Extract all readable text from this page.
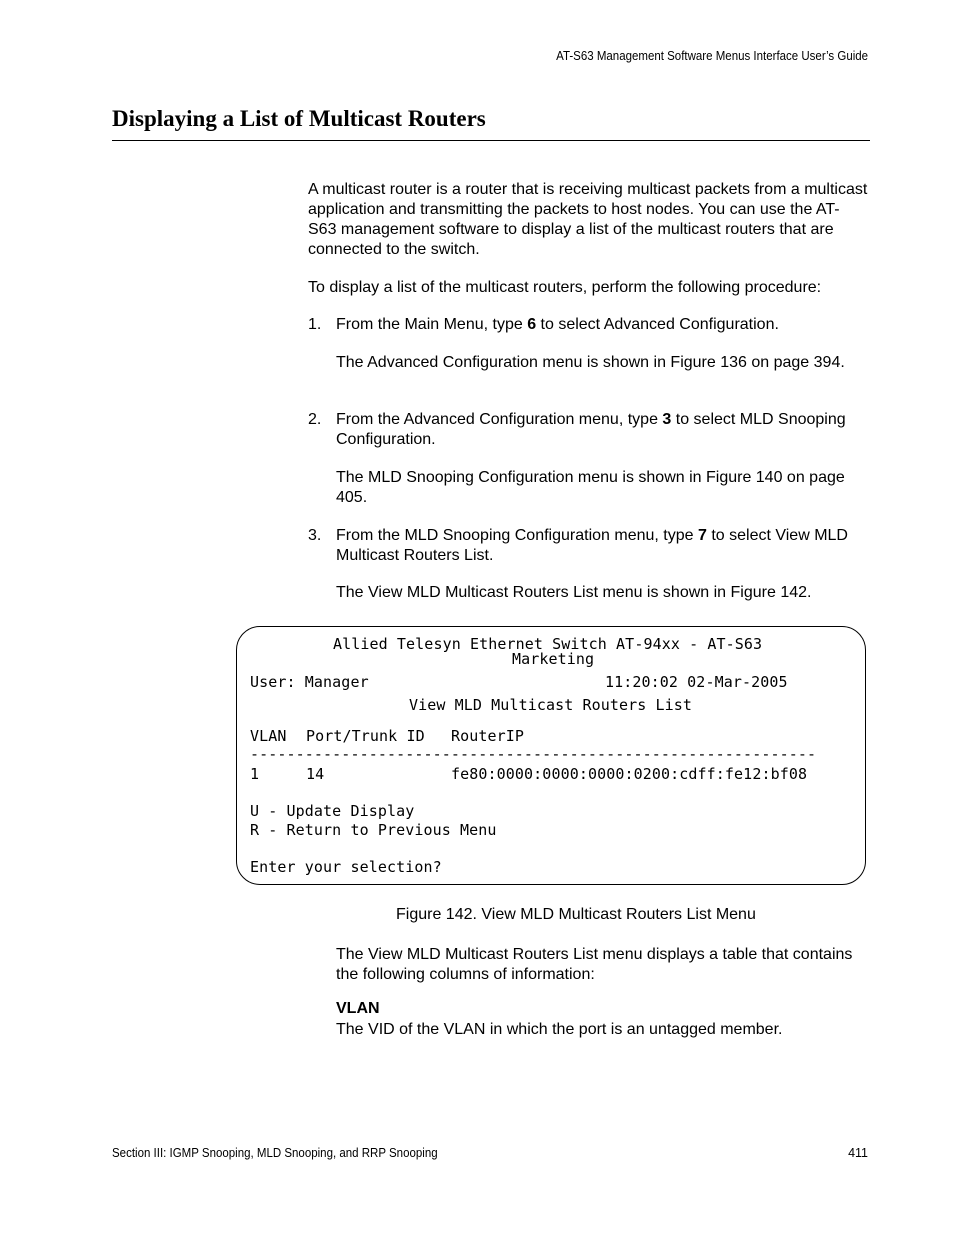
AT-S63 Management Software Menus Interface User’s Guide
Displaying a List of Multicast Routers

A multicast router is a router that is receiving multicast packets from a multicast application and transmitting the packets to host nodes. You can use the AT-S63 management software to display a list of the multicast routers that are connected to the switch.

To display a list of the multicast routers, perform the following procedure:

1. From the Main Menu, type 6 to select Advanced Configuration.
The Advanced Configuration menu is shown in Figure 136 on page 394.
2. From the Advanced Configuration menu, type 3 to select MLD Snooping Configuration.
The MLD Snooping Configuration menu is shown in Figure 140 on page 405.
3. From the MLD Snooping Configuration menu, type 7 to select View MLD Multicast Routers List.
The View MLD Multicast Routers List menu is shown in Figure 142.
Allied Telesyn Ethernet Switch AT-94xx - AT-S63
Marketing
User: Manager	11:20:02 02-Mar-2005
View MLD Multicast Routers List
VLAN Port/Trunk ID RouterIP
--------------------------------------------------------------
1	14	fe80:0000:0000:0000:0200:cdff:fe12:bf08
U - Update Display
R - Return to Previous Menu
Enter your selection?
Figure 142. View MLD Multicast Routers List Menu
The View MLD Multicast Routers List menu displays a table that contains the following columns of information:
VLAN
The VID of the VLAN in which the port is an untagged member.
Section III: IGMP Snooping, MLD Snooping, and RRP Snooping	411
